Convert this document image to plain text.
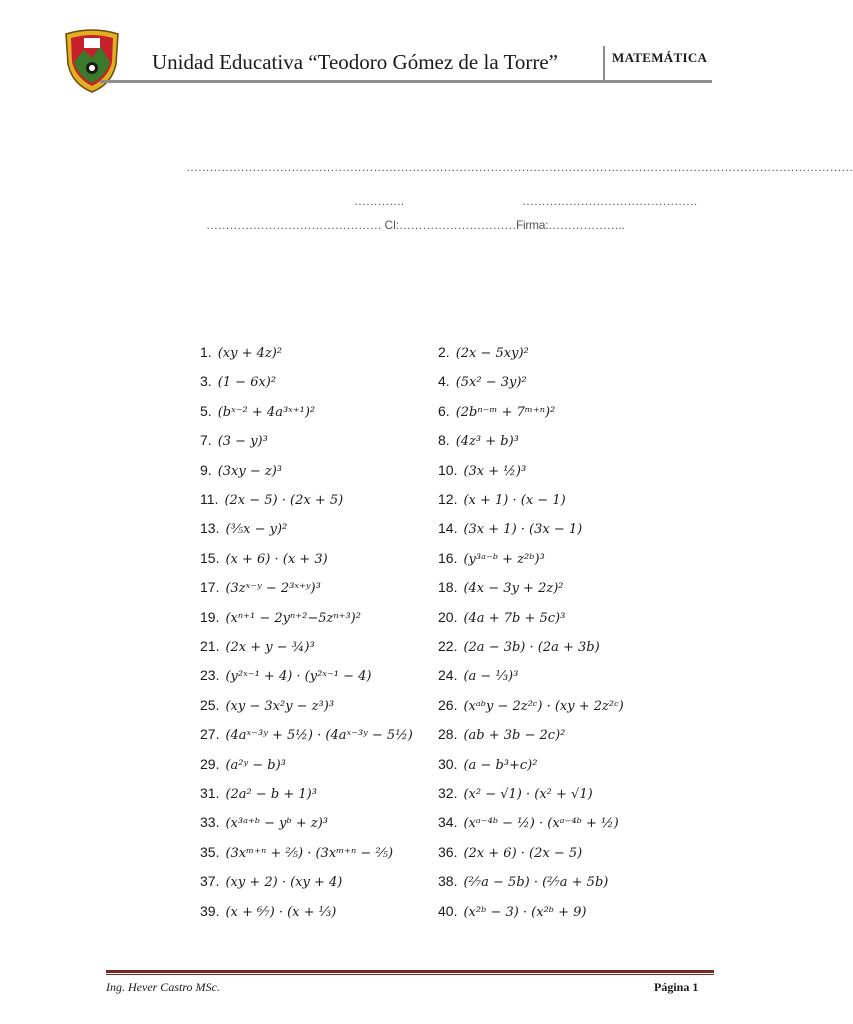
Unidad Educativa “Teodoro Gómez de la Torre”	MATEMÁTICA
………………………………………………………………………………………………………………………………………………………
………….	………………………………………
……………………………………… CI:…………………………Firma:………………..
1. (xy + 4z)²	2. (2x − 5xy)²
3. (1 − 6x)²	4. (5x² − 3y)²
5. (bˣ⁻² + 4a³ˣ⁺¹)²	6. (2bⁿ⁻ᵐ + 7ᵐ⁺ⁿ)²
7. (3 − y)³	8. (4z³ + b)³
9. (3xy − z)³	10. (3x + ½)³
11. (2x − 5) · (2x + 5)	12. (x + 1) · (x − 1)
13. (⅗x − y)²	14. (3x + 1) · (3x − 1)
15. (x + 6) · (x + 3)	16. (y³ᵃ⁻ᵇ + z²ᵇ)³
17. (3zˣ⁻ʸ − 2³ˣ⁺ʸ)³	18. (4x − 3y + 2z)²
19. (xⁿ⁺¹ − 2yⁿ⁺²−5zⁿ⁺³)²	20. (4a + 7b + 5c)³
21. (2x + y − ¾)³	22. (2a − 3b) · (2a + 3b)
23. (y²ˣ⁻¹ + 4) · (y²ˣ⁻¹ − 4)	24. (a − ⅓)³
25. (xy − 3x²y − z³)³	26. (xᵃᵇy − 2z²ᶜ) · (xy + 2z²ᶜ)
27. (4aˣ⁻³ʸ + 5½) · (4aˣ⁻³ʸ − 5½) 28. (ab + 3b − 2c)²
29. (a²ʸ − b)³	30. (a − b³+c)²
31. (2a² − b + 1)³	32. (x² − √1) · (x² + √1)
33. (x³ᵃ⁺ᵇ − yᵇ + z)³	34. (xᵃ⁻⁴ᵇ − ½) · (xᵃ⁻⁴ᵇ + ½)
35. (3xᵐ⁺ⁿ + ⅖) · (3xᵐ⁺ⁿ − ⅖)	36. (2x + 6) · (2x − 5)
37. (xy + 2) · (xy + 4)	38. (²⁄₇a − 5b) · (²⁄₇a + 5b)
39. (x + ⁶⁄₇) · (x + ⅓)	40. (x²ᵇ − 3) · (x²ᵇ + 9)
Ing. Hever Castro MSc.	Página 1
